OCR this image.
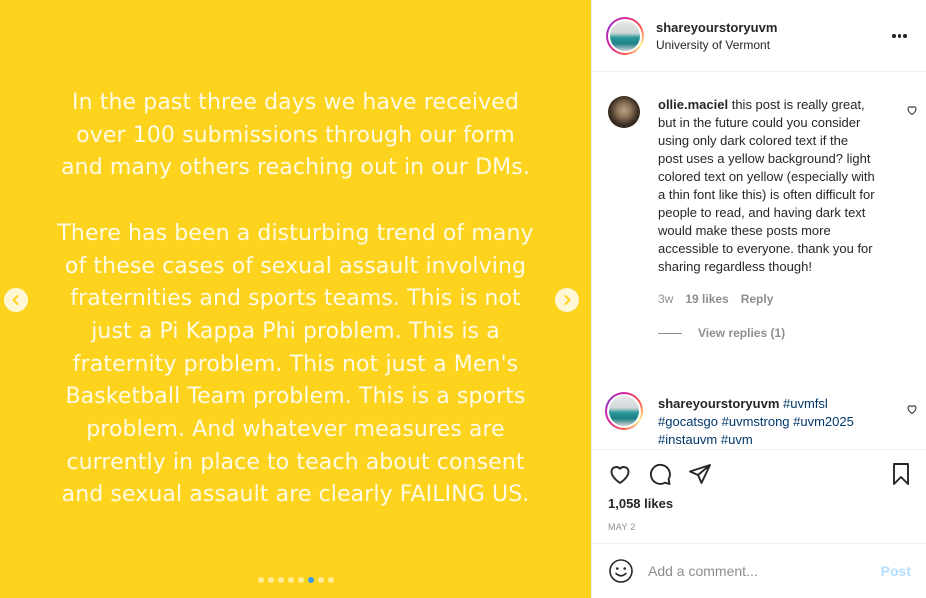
In the past three days we have received
over 100 submissions through our form
and many others reaching out in our DMs.

There has been a disturbing trend of many
of these cases of sexual assault involving
fraternities and sports teams. This is not
just a Pi Kappa Phi problem. This is a
fraternity problem. This not just a Men's
Basketball Team problem. This is a sports
problem. And whatever measures are
currently in place to teach about consent
and sexual assault are clearly FAILING US.
shareyourstoryuvm
University of Vermont
ollie.maciel this post is really great, but in the future could you consider using only dark colored text if the post uses a yellow background? light colored text on yellow (especially with a thin font like this) is often difficult for people to read, and having dark text would make these posts more accessible to everyone. thank you for sharing regardless though!
3w 19 likes Reply
View replies (1)
shareyourstoryuvm #uvmfsl #gocatsgo #uvmstrong #uvm2025 #instauvm #uvm
1,058 likes
MAY 2
Add a comment...
Post
